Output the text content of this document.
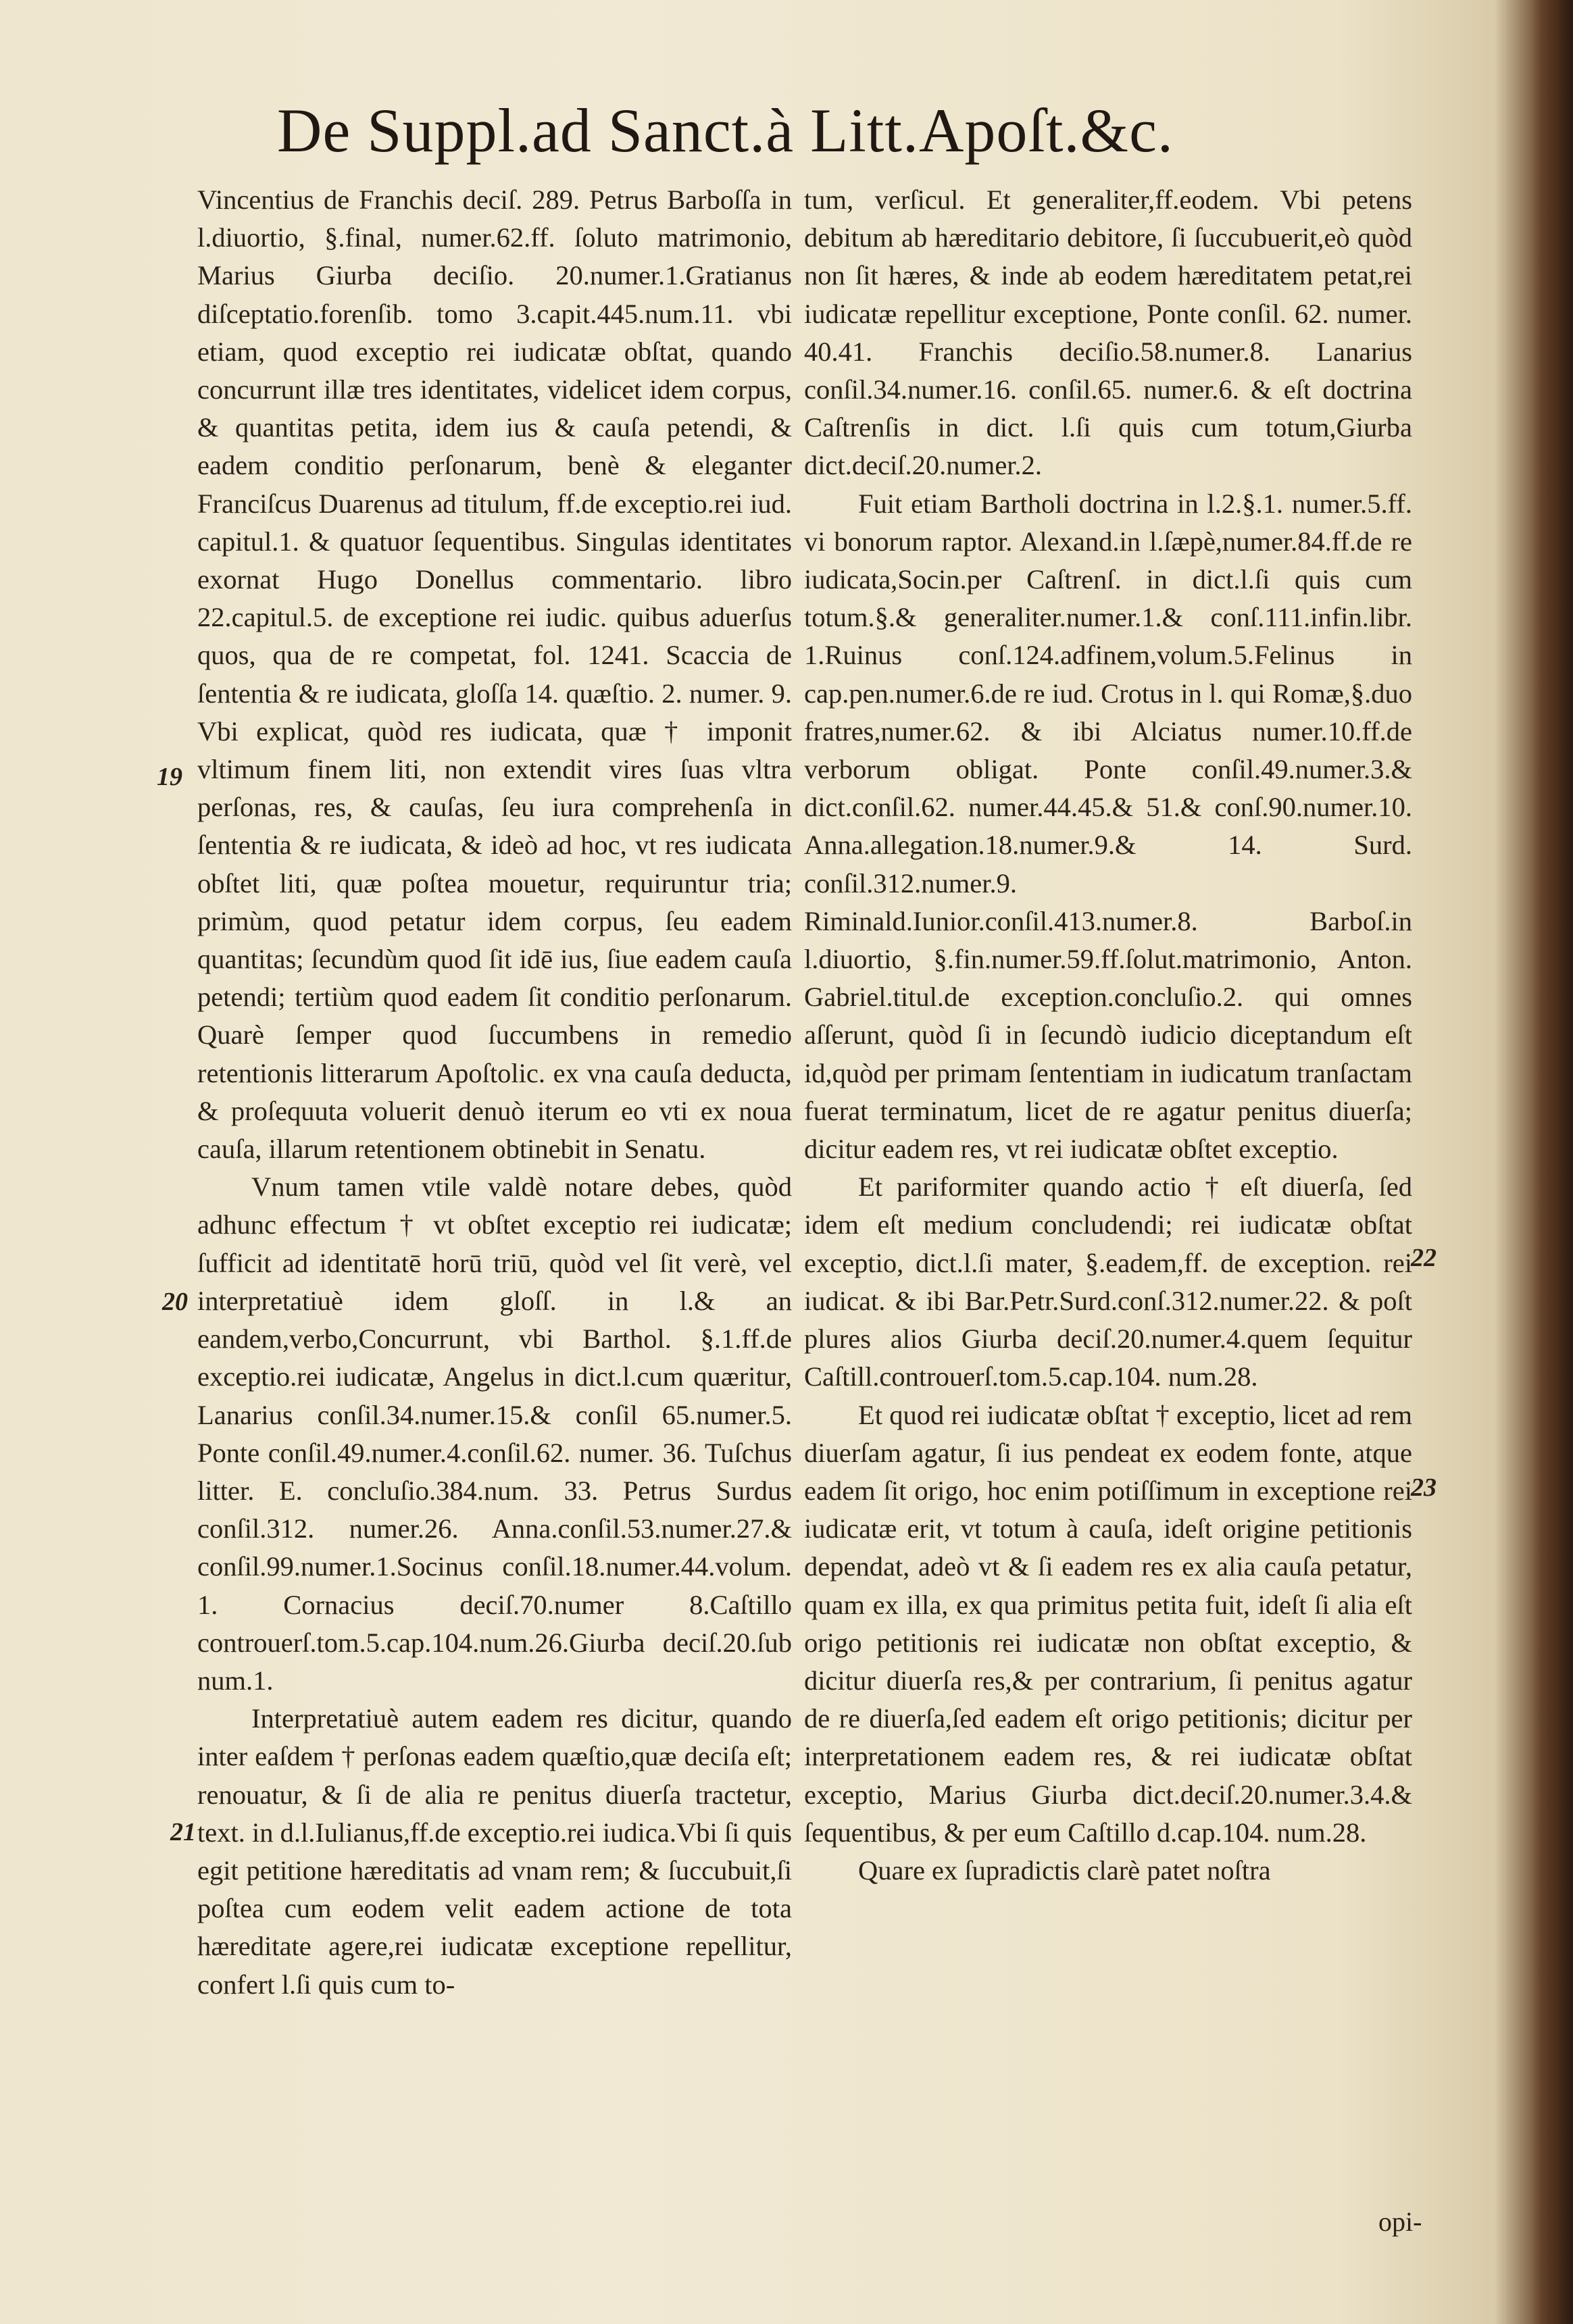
De Suppl.ad Sanct.à Litt.Apoſt.&c.

Vincentius de Franchis deciſ. 289. Petrus Barboſſa in l.diuortio, §.final, numer.62.ff. ſoluto matrimonio, Marius Giurba deciſio. 20.numer.1.Gratianus diſceptatio.forenſib. tomo 3.capit.445.num.11. vbi etiam, quod exceptio rei iudicatæ obſtat, quando concurrunt illæ tres identitates, videlicet idem corpus, & quantitas petita, idem ius & cauſa petendi, & eadem conditio perſonarum, benè & eleganter Franciſcus Duarenus ad titulum, ff.de exceptio.rei iud. capitul.1. & quatuor ſequentibus. Singulas identitates exornat Hugo Donellus commentario. libro 22.capitul.5. de exceptione rei iudic. quibus aduerſus quos, qua de re competat, fol. 1241. Scaccia de ſententia & re iudicata, gloſſa 14. quæſtio. 2. numer. 9. Vbi explicat, quòd res iudicata, quæ † imponit vltimum finem liti, non extendit vires ſuas vltra perſonas, res, & cauſas, ſeu iura comprehenſa in ſententia & re iudicata, & ideò ad hoc, vt res iudicata obſtet liti, quæ poſtea mouetur, requiruntur tria; primùm, quod petatur idem corpus, ſeu eadem quantitas; ſecundùm quod ſit idē ius, ſiue eadem cauſa petendi; tertiùm quod eadem ſit conditio perſonarum. Quarè ſemper quod ſuccumbens in remedio retentionis litterarum Apoſtolic. ex vna cauſa deducta, & proſequuta voluerit denuò iterum eo vti ex noua cauſa, illarum retentionem obtinebit in Senatu.

Vnum tamen vtile valdè notare debes, quòd adhunc effectum † vt obſtet exceptio rei iudicatæ; ſufficit ad identitatē horū triū, quòd vel ſit verè, vel interpretatiuè idem gloſſ. in l.& an eandem,verbo,Concurrunt, vbi Barthol. §.1.ff.de exceptio.rei iudicatæ, Angelus in dict.l.cum quæritur, Lanarius conſil.34.numer.15.& conſil 65.numer.5. Ponte conſil.49.numer.4.conſil.62. numer. 36. Tuſchus litter. E. concluſio.384.num. 33. Petrus Surdus conſil.312. numer.26. Anna.conſil.53.numer.27.& conſil.99.numer.1.Socinus conſil.18.numer.44.volum. 1. Cornacius deciſ.70.numer 8.Caſtillo controuerſ.tom.5.cap.104.num.26.Giurba deciſ.20.ſub num.1.

Interpretatiuè autem eadem res dicitur, quando inter eaſdem † perſonas eadem quæſtio,quæ deciſa eſt; renouatur, & ſi de alia re penitus diuerſa tractetur, text. in d.l.Iulianus,ff.de exceptio.rei iudica.Vbi ſi quis egit petitione hæreditatis ad vnam rem; & ſuccubuit,ſi poſtea cum eodem velit eadem actione de tota hæreditate agere,rei iudicatæ exceptione repellitur, confert l.ſi quis cum to-

tum, verſicul. Et generaliter,ff.eodem. Vbi petens debitum ab hæreditario debitore, ſi ſuccubuerit,eò quòd non ſit hæres, & inde ab eodem hæreditatem petat,rei iudicatæ repellitur exceptione, Ponte conſil. 62. numer. 40.41. Franchis deciſio.58.numer.8. Lanarius conſil.34.numer.16. conſil.65. numer.6. & eſt doctrina Caſtrenſis in dict. l.ſi quis cum totum,Giurba dict.deciſ.20.numer.2.

Fuit etiam Bartholi doctrina in l.2.§.1. numer.5.ff. vi bonorum raptor. Alexand.in l.ſæpè,numer.84.ff.de re iudicata,Socin.per Caſtrenſ. in dict.l.ſi quis cum totum.§.& generaliter.numer.1.& conſ.111.infin.libr. 1.Ruinus conſ.124.adfinem,volum.5.Felinus in cap.pen.numer.6.de re iud. Crotus in l. qui Romæ,§.duo fratres,numer.62. & ibi Alciatus numer.10.ff.de verborum obligat. Ponte conſil.49.numer.3.& dict.conſil.62. numer.44.45.& 51.& conſ.90.numer.10. Anna.allegation.18.numer.9.& 14. Surd. conſil.312.numer.9. Riminald.Iunior.conſil.413.numer.8. Barboſ.in l.diuortio, §.fin.numer.59.ff.ſolut.matrimonio, Anton. Gabriel.titul.de exception.concluſio.2. qui omnes aſſerunt, quòd ſi in ſecundò iudicio diceptandum eſt id,quòd per primam ſententiam in iudicatum tranſactam fuerat terminatum, licet de re agatur penitus diuerſa; dicitur eadem res, vt rei iudicatæ obſtet exceptio.

Et pariformiter quando actio † eſt diuerſa, ſed idem eſt medium concludendi; rei iudicatæ obſtat exceptio, dict.l.ſi mater, §.eadem,ff. de exception. rei iudicat. & ibi Bar.Petr.Surd.conſ.312.numer.22. & poſt plures alios Giurba deciſ.20.numer.4.quem ſequitur Caſtill.controuerſ.tom.5.cap.104. num.28.

Et quod rei iudicatæ obſtat † exceptio, licet ad rem diuerſam agatur, ſi ius pendeat ex eodem fonte, atque eadem ſit origo, hoc enim potiſſimum in exceptione rei iudicatæ erit, vt totum à cauſa, ideſt origine petitionis dependat, adeò vt & ſi eadem res ex alia cauſa petatur, quam ex illa, ex qua primitus petita fuit, ideſt ſi alia eſt origo petitionis rei iudicatæ non obſtat exceptio, & dicitur diuerſa res,& per contrarium, ſi penitus agatur de re diuerſa,ſed eadem eſt origo petitionis; dicitur per interpretationem eadem res, & rei iudicatæ obſtat exceptio, Marius Giurba dict.deciſ.20.numer.3.4.& ſequentibus, & per eum Caſtillo d.cap.104. num.28.

Quare ex ſupradictis clarè patet noſtra

19
20
21
22
23
opi-
